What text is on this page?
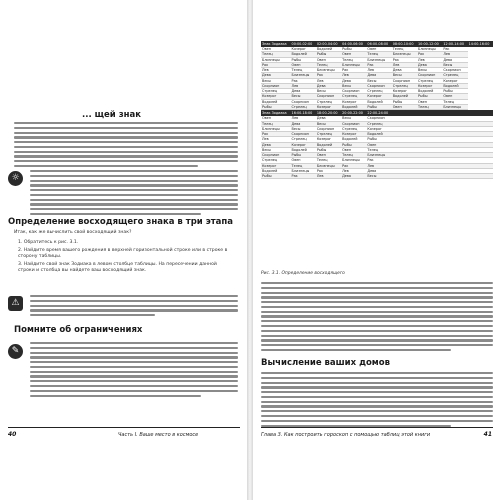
... щей знак
☼
Определение восходящего знака в три этапа
Итак, как же вычислить свой восходящий знак?
1. Обратитесь к рис. 3.1.
2. Найдите время вашего рождения в верхней горизонтальной строке или в строке в сторону таблицы.
3. Найдите свой знак Зодиака в левом столбце таблицы. На пересечении данной строки и столбца вы найдете ваш восходящий знак.
⚠
Помните об ограничениях
✎
40	Часть I. Ваше место в космосе
Знак Зодиака	00:00-02:00	02:00-04:00	04:00-06:00	06:00-08:00	08:00-10:00	10:00-12:00	12:00-14:00	14:00-16:00
Овен	Козерог	Водолей	Рыбы	Овен	Телец	Близнецы	Рак	
Телец	Водолей	Рыбы	Овен	Телец	Близнецы	Рак	Лев	
Близнецы	Рыбы	Овен	Телец	Близнецы	Рак	Лев	Дева	
Рак	Овен	Телец	Близнецы	Рак	Лев	Дева	Весы	
Лев	Телец	Близнецы	Рак	Лев	Дева	Весы	Скорпион	
Дева	Близнецы	Рак	Лев	Дева	Весы	Скорпион	Стрелец	
Весы	Рак	Лев	Дева	Весы	Скорпион	Стрелец	Козерог	
Скорпион	Лев	Дева	Весы	Скорпион	Стрелец	Козерог	Водолей	
Стрелец	Дева	Весы	Скорпион	Стрелец	Козерог	Водолей	Рыбы	
Козерог	Весы	Скорпион	Стрелец	Козерог	Водолей	Рыбы	Овен	
Водолей	Скорпион	Стрелец	Козерог	Водолей	Рыбы	Овен	Телец	
Рыбы	Стрелец	Козерог	Водолей	Рыбы	Овен	Телец	Близнецы	
Знак Зодиака	16:00-18:00	18:00-20:00	20:00-22:00	22:00-24:00				
Овен	Лев	Дева	Весы	Скорпион				
Телец	Дева	Весы	Скорпион	Стрелец				
Близнецы	Весы	Скорпион	Стрелец	Козерог				
Рак	Скорпион	Стрелец	Козерог	Водолей				
Лев	Стрелец	Козерог	Водолей	Рыбы				
Дева	Козерог	Водолей	Рыбы	Овен				
Весы	Водолей	Рыбы	Овен	Телец				
Скорпион	Рыбы	Овен	Телец	Близнецы				
Стрелец	Овен	Телец	Близнецы	Рак				
Козерог	Телец	Близнецы	Рак	Лев				
Водолей	Близнецы	Рак	Лев	Дева				
Рыбы	Рак	Лев	Дева	Весы				
Рис. 3.1. Определение восходящего
Вычисление ваших домов
Глава 3. Как построить гороскоп с помощью таблиц этой книги	41
